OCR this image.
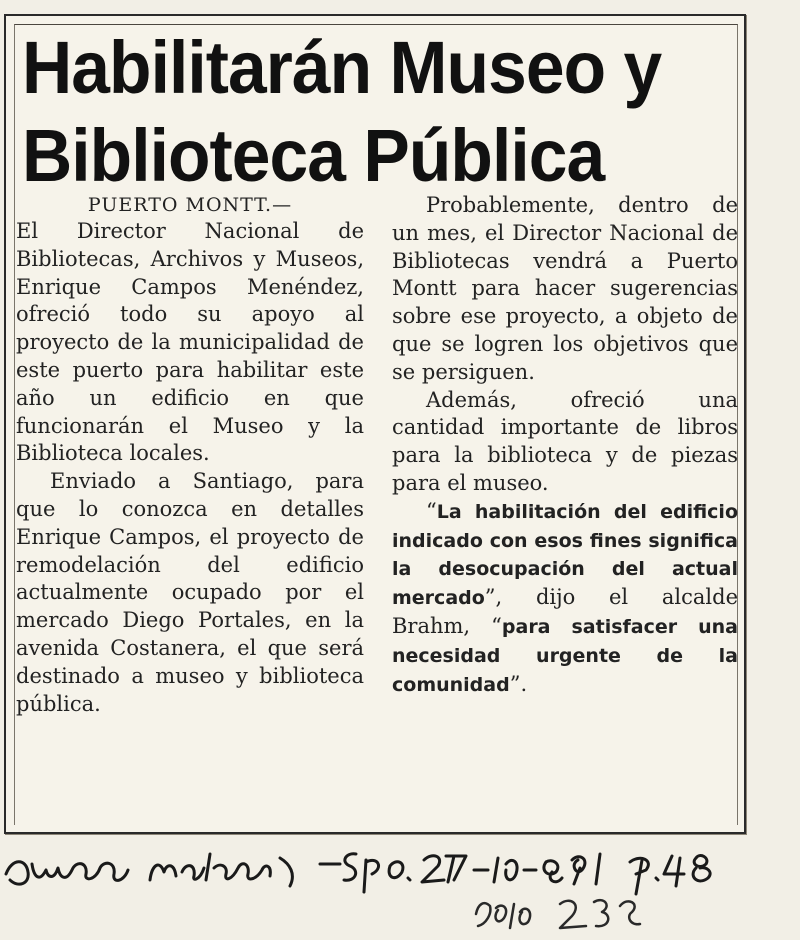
Habilitarán Museo y
Biblioteca Pública
PUERTO MONTT.—

El Director Nacional de Bibliotecas, Archivos y Museos, Enrique Campos Menéndez, ofreció todo su apoyo al proyecto de la municipalidad de este puerto para habilitar este año un edificio en que funcionarán el Museo y la Biblioteca locales.

Enviado a Santiago, para que lo conozca en detalles Enrique Campos, el proyecto de remodelación del edificio actualmente ocupado por el mercado Diego Portales, en la avenida Costanera, el que será destinado a museo y biblioteca pública.

Probablemente, dentro de un mes, el Director Nacional de Bibliotecas vendrá a Puerto Montt para hacer sugerencias sobre ese proyecto, a objeto de que se logren los objetivos que se persiguen.

Además, ofreció una cantidad importante de libros para la biblioteca y de piezas para el museo.

“La habilitación del edificio indicado con esos fines significa la desocupación del actual mercado”, dijo el alcalde Brahm, “para satisfacer una necesidad urgente de la comunidad”.
